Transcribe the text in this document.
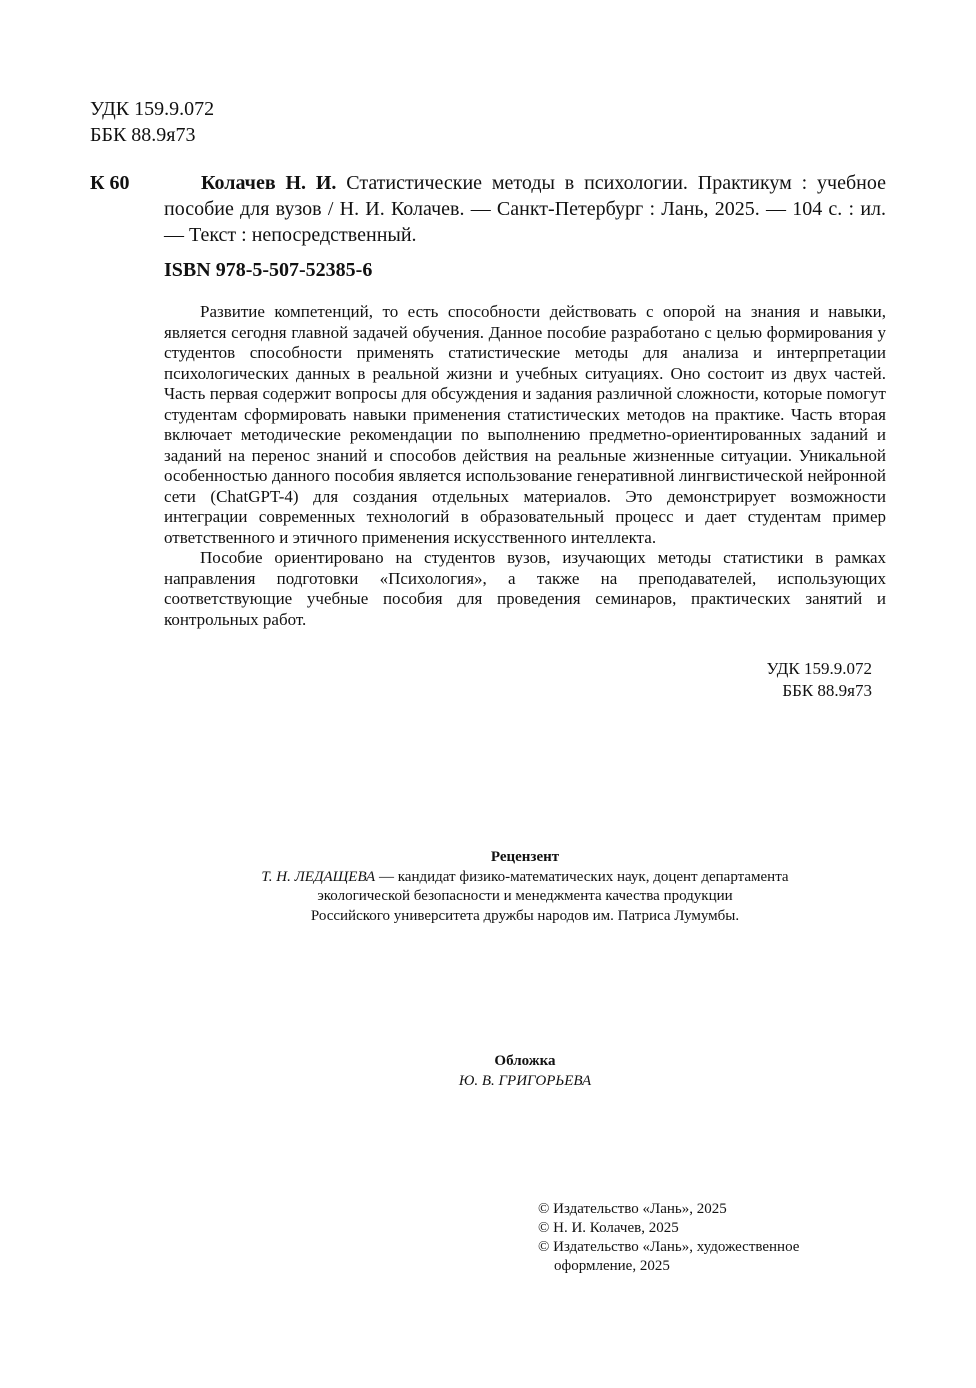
УДК 159.9.072
ББК 88.9я73
К 60	Колачев Н. И. Статистические методы в психологии. Практикум : учебное пособие для вузов / Н. И. Колачев. — Санкт-Петербург : Лань, 2025. — 104 с. : ил. — Текст : непосредственный.
ISBN 978-5-507-52385-6

Развитие компетенций, то есть способности действовать с опорой на знания и навыки, является сегодня главной задачей обучения. Данное пособие разработано с целью формирования у студентов способности применять статистические методы для анализа и интерпретации психологических данных в реальной жизни и учебных ситуациях. Оно состоит из двух частей. Часть первая содержит вопросы для обсуждения и задания различной сложности, которые помогут студентам сформировать навыки применения статистических методов на практике. Часть вторая включает методические рекомендации по выполнению предметно-ориентированных заданий и заданий на перенос знаний и способов действия на реальные жизненные ситуации. Уникальной особенностью данного пособия является использование генеративной лингвистической нейронной сети (ChatGPT-4) для создания отдельных материалов. Это демонстрирует возможности интеграции современных технологий в образовательный процесс и дает студентам пример ответственного и этичного применения искусственного интеллекта.

Пособие ориентировано на студентов вузов, изучающих методы статистики в рамках направления подготовки «Психология», а также на преподавателей, использующих соответствующие учебные пособия для проведения семинаров, практических занятий и контрольных работ.

УДК 159.9.072
ББК 88.9я73
Рецензент
Т. Н. ЛЕДАЩЕВА — кандидат физико-математических наук, доцент департамента
экологической безопасности и менеджмента качества продукции
Российского университета дружбы народов им. Патриса Лумумбы.
Обложка
Ю. В. ГРИГОРЬЕВА
© Издательство «Лань», 2025
© Н. И. Колачев, 2025
© Издательство «Лань», художественное
оформление, 2025
